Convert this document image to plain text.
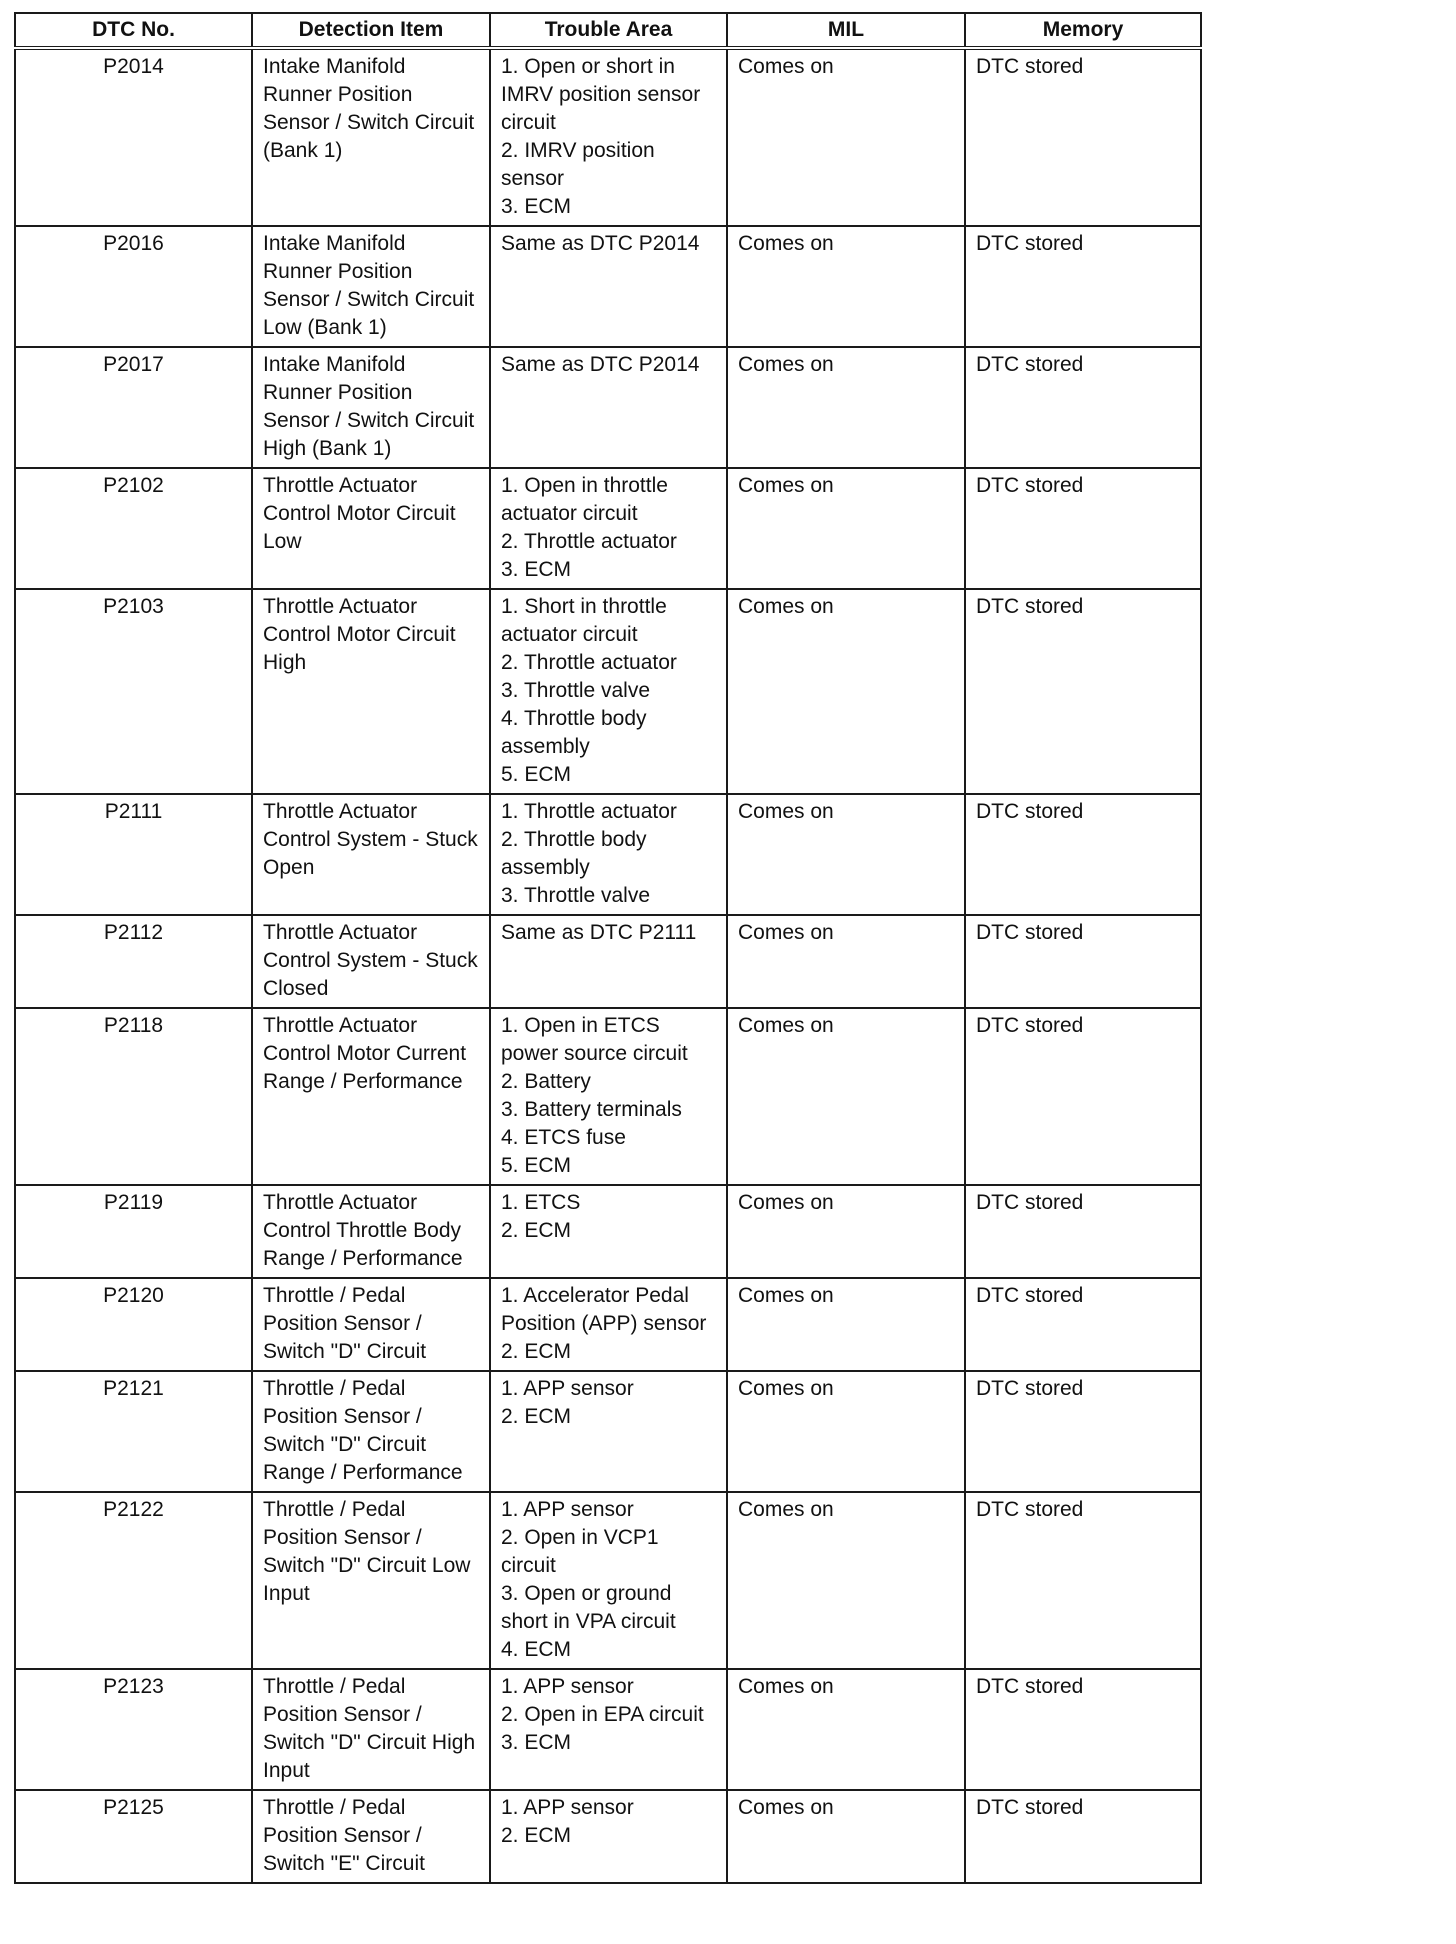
DTC No.	Detection Item	Trouble Area	MIL	Memory
P2014	Intake Manifold Runner Position Sensor / Switch Circuit (Bank 1)	1. Open or short in IMRV position sensor circuit
2. IMRV position sensor
3. ECM	Comes on	DTC stored
P2016	Intake Manifold Runner Position Sensor / Switch Circuit Low (Bank 1)	Same as DTC P2014	Comes on	DTC stored
P2017	Intake Manifold Runner Position Sensor / Switch Circuit High (Bank 1)	Same as DTC P2014	Comes on	DTC stored
P2102	Throttle Actuator Control Motor Circuit Low	1. Open in throttle actuator circuit
2. Throttle actuator
3. ECM	Comes on	DTC stored
P2103	Throttle Actuator Control Motor Circuit High	1. Short in throttle actuator circuit
2. Throttle actuator
3. Throttle valve
4. Throttle body assembly
5. ECM	Comes on	DTC stored
P2111	Throttle Actuator Control System - Stuck Open	1. Throttle actuator
2. Throttle body assembly
3. Throttle valve	Comes on	DTC stored
P2112	Throttle Actuator Control System - Stuck Closed	Same as DTC P2111	Comes on	DTC stored
P2118	Throttle Actuator Control Motor Current Range / Performance	1. Open in ETCS power source circuit
2. Battery
3. Battery terminals
4. ETCS fuse
5. ECM	Comes on	DTC stored
P2119	Throttle Actuator Control Throttle Body Range / Performance	1. ETCS
2. ECM	Comes on	DTC stored
P2120	Throttle / Pedal Position Sensor / Switch "D" Circuit	1. Accelerator Pedal Position (APP) sensor
2. ECM	Comes on	DTC stored
P2121	Throttle / Pedal Position Sensor / Switch "D" Circuit Range / Performance	1. APP sensor
2. ECM	Comes on	DTC stored
P2122	Throttle / Pedal Position Sensor / Switch "D" Circuit Low Input	1. APP sensor
2. Open in VCP1 circuit
3. Open or ground short in VPA circuit
4. ECM	Comes on	DTC stored
P2123	Throttle / Pedal Position Sensor / Switch "D" Circuit High Input	1. APP sensor
2. Open in EPA circuit
3. ECM	Comes on	DTC stored
P2125	Throttle / Pedal Position Sensor / Switch "E" Circuit	1. APP sensor
2. ECM	Comes on	DTC stored
